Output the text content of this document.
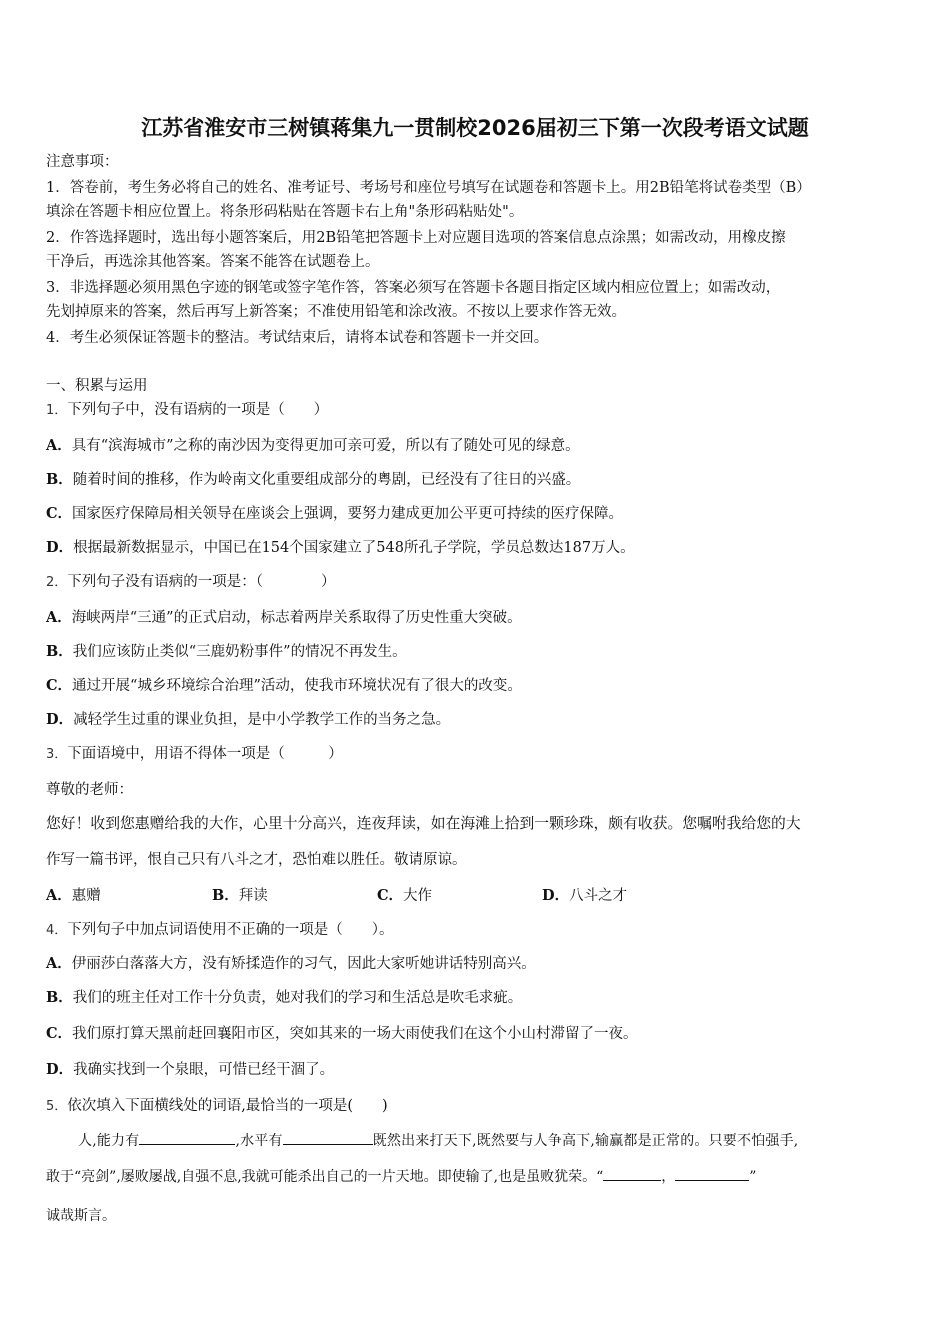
江苏省淮安市三树镇蒋集九一贯制校2026届初三下第一次段考语文试题
注意事项：
1．答卷前，考生务必将自己的姓名、准考证号、考场号和座位号填写在试题卷和答题卡上。用2B铅笔将试卷类型（B）
填涂在答题卡相应位置上。将条形码粘贴在答题卡右上角"条形码粘贴处"。
2．作答选择题时，选出每小题答案后，用2B铅笔把答题卡上对应题目选项的答案信息点涂黑；如需改动，用橡皮擦
干净后，再选涂其他答案。答案不能答在试题卷上。
3．非选择题必须用黑色字迹的钢笔或签字笔作答，答案必须写在答题卡各题目指定区域内相应位置上；如需改动，
先划掉原来的答案，然后再写上新答案；不准使用铅笔和涂改液。不按以上要求作答无效。
4．考生必须保证答题卡的整洁。考试结束后，请将本试卷和答题卡一并交回。
一、积累与运用
1．下列句子中，没有语病的一项是（　　）
A．具有“滨海城市”之称的南沙因为变得更加可亲可爱，所以有了随处可见的绿意。
B．随着时间的推移，作为岭南文化重要组成部分的粤剧，已经没有了往日的兴盛。
C．国家医疗保障局相关领导在座谈会上强调，要努力建成更加公平更可持续的医疗保障。
D．根据最新数据显示，中国已在154个国家建立了548所孔子学院，学员总数达187万人。
2．下列句子没有语病的一项是：（　　　　）
A．海峡两岸“三通”的正式启动，标志着两岸关系取得了历史性重大突破。
B．我们应该防止类似“三鹿奶粉事件”的情况不再发生。
C．通过开展“城乡环境综合治理”活动，使我市环境状况有了很大的改变。
D．减轻学生过重的课业负担，是中小学教学工作的当务之急。
3．下面语境中，用语不得体一项是（　　　）
尊敬的老师：
您好！收到您惠赠给我的大作，心里十分高兴，连夜拜读，如在海滩上拾到一颗珍珠，颇有收获。您嘱咐我给您的大
作写一篇书评，恨自己只有八斗之才，恐怕难以胜任。敬请原谅。
A．惠赠	B．拜读	C．大作	D．八斗之才
4．下列句子中加点词语使用不正确的一项是（　　）。
A．伊丽莎白落落大方，没有矫揉造作的习气，因此大家听她讲话特别高兴。
B．我们的班主任对工作十分负责，她对我们的学习和生活总是吹毛求疵。
C．我们原打算天黑前赶回襄阳市区，突如其来的一场大雨使我们在这个小山村滞留了一夜。
D．我确实找到一个泉眼，可惜已经干涸了。
5．依次填入下面横线处的词语,最恰当的一项是(　　)
人,能力有	,水平有	既然出来打天下,既然要与人争高下,输赢都是正常的。只要不怕强手,
敢于“亮剑”,屡败屡战,自强不息,我就可能杀出自己的一片天地。即使输了,也是虽败犹荣。“	，	”
诚哉斯言。
